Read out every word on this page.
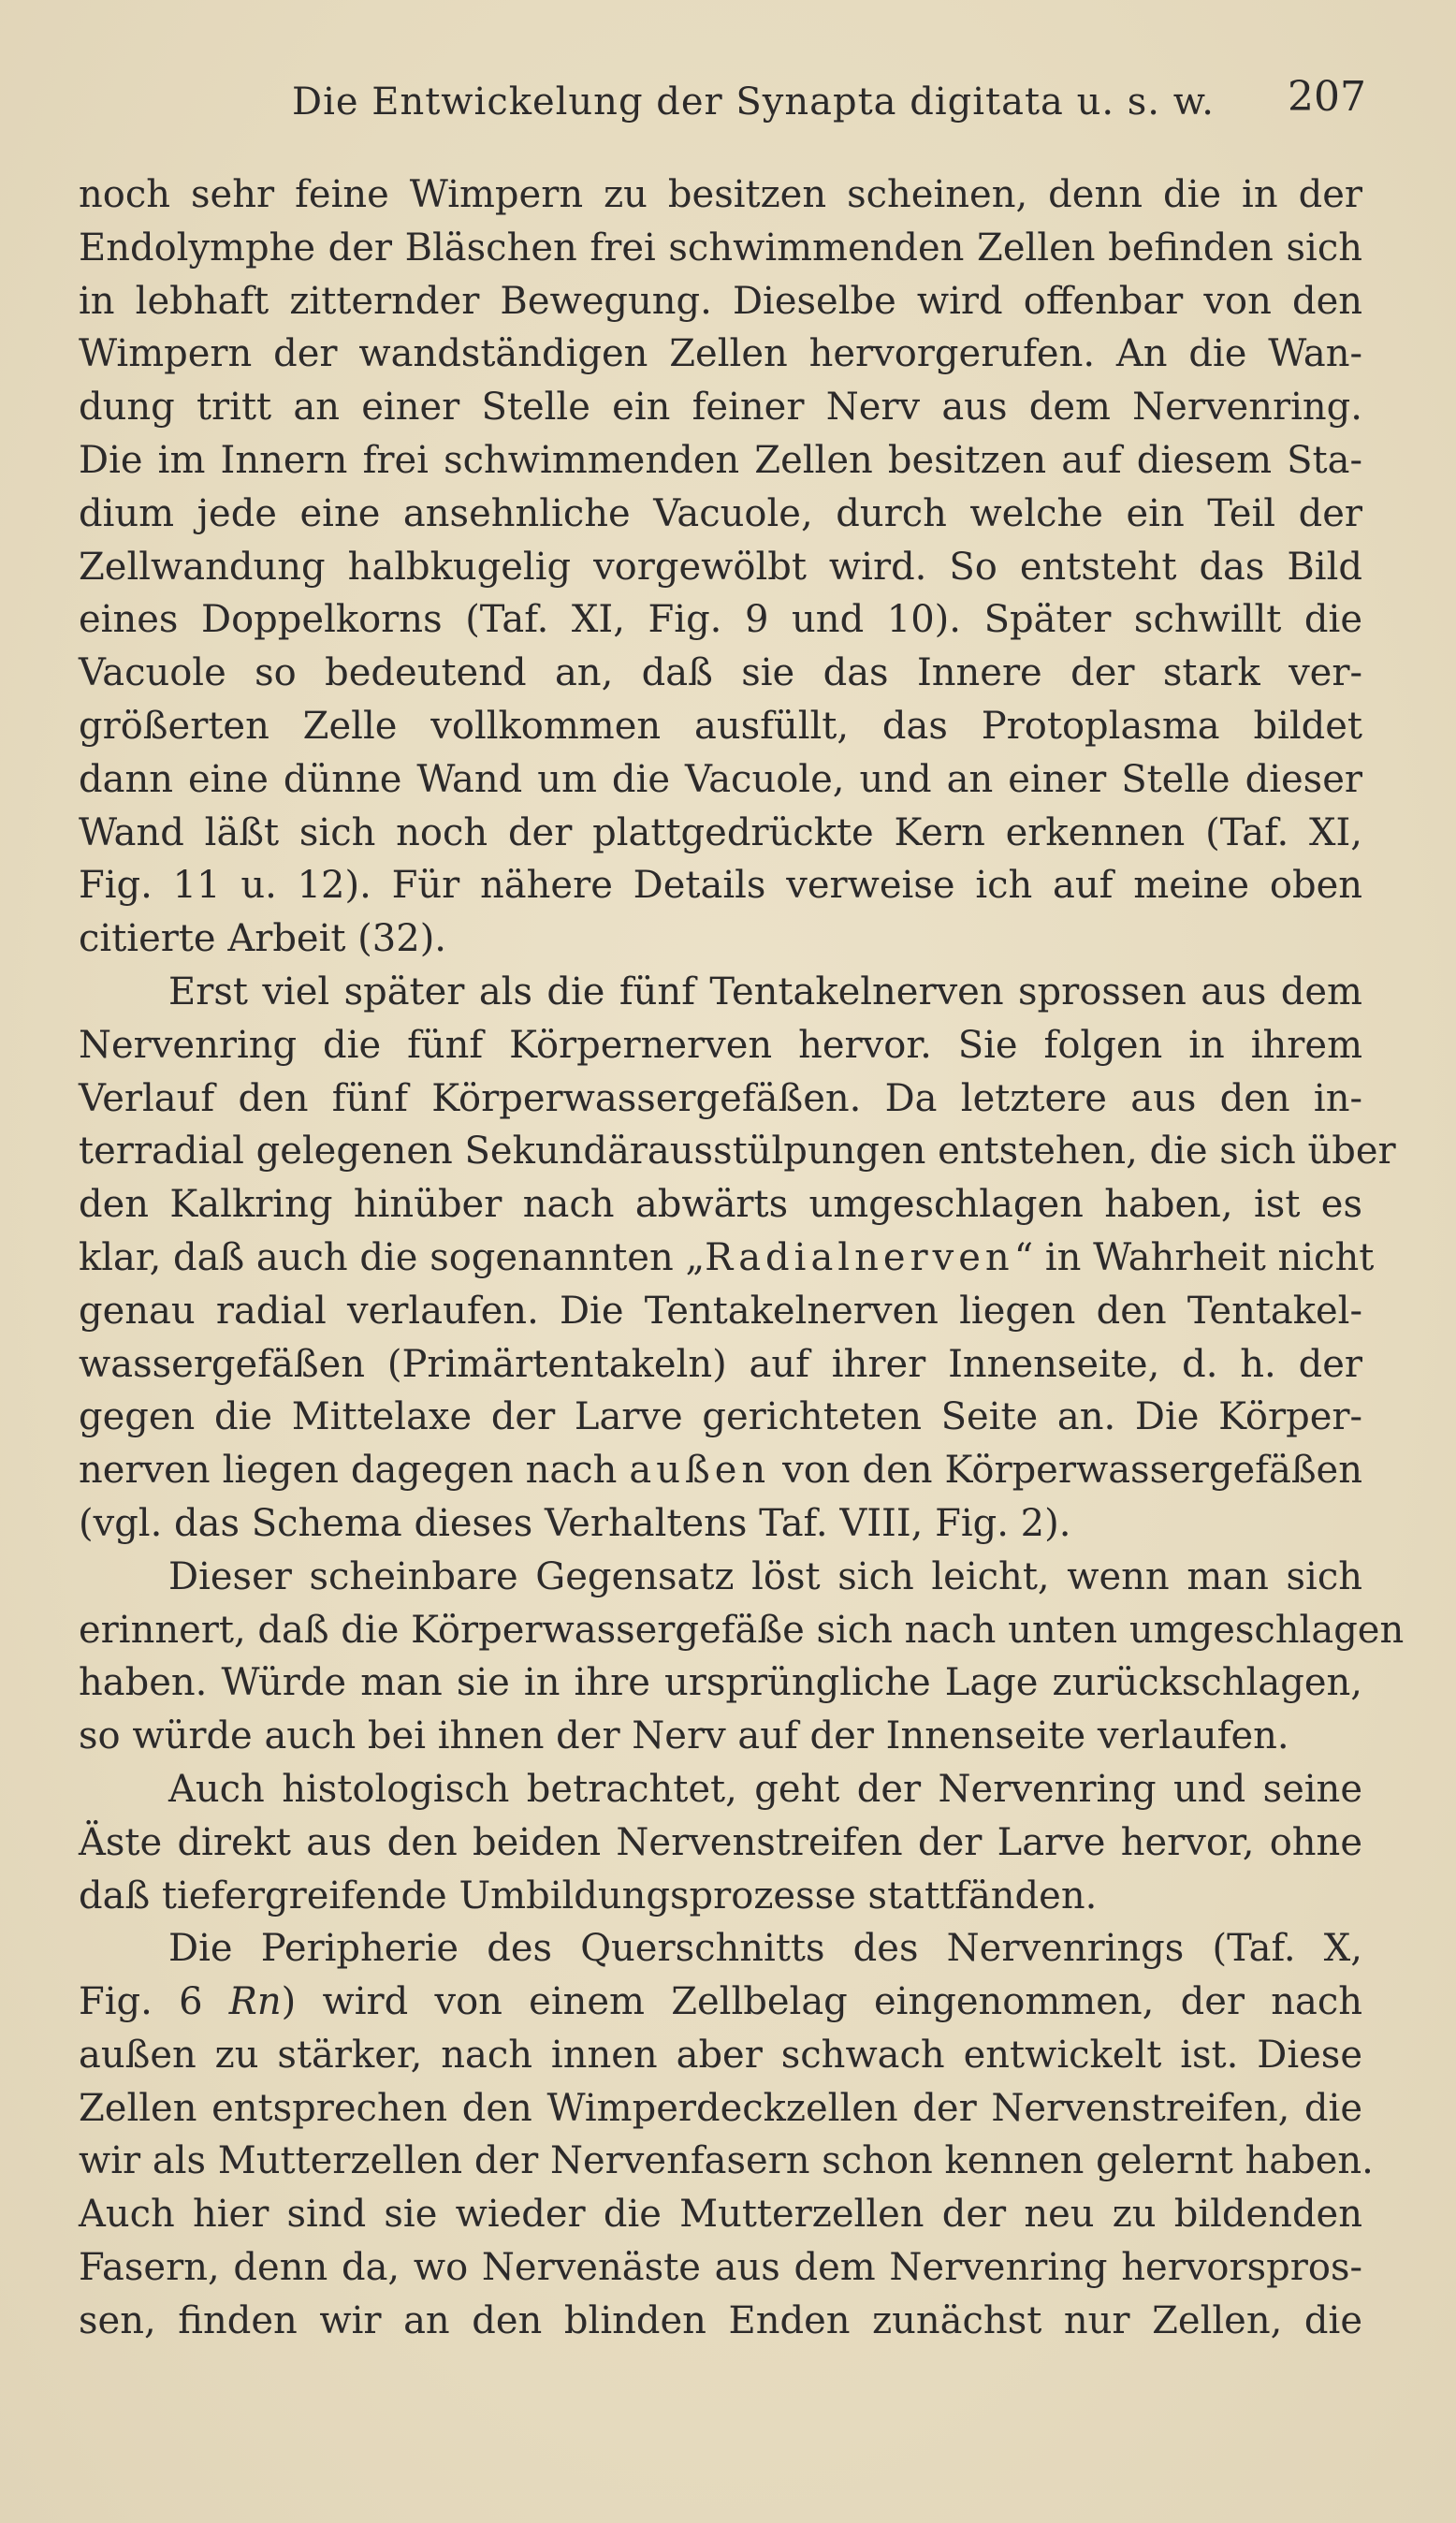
Die Entwickelung der Synapta digitata u. s. w. 207
noch sehr feine Wimpern zu besitzen scheinen, denn die in der
Endolymphe der Bläschen frei schwimmenden Zellen befinden sich
in lebhaft zitternder Bewegung. Dieselbe wird offenbar von den
Wimpern der wandständigen Zellen hervorgerufen. An die Wan-
dung tritt an einer Stelle ein feiner Nerv aus dem Nervenring.
Die im Innern frei schwimmenden Zellen besitzen auf diesem Sta-
dium jede eine ansehnliche Vacuole, durch welche ein Teil der
Zellwandung halbkugelig vorgewölbt wird. So entsteht das Bild
eines Doppelkorns (Taf. XI, Fig. 9 und 10). Später schwillt die
Vacuole so bedeutend an, daß sie das Innere der stark ver-
größerten Zelle vollkommen ausfüllt, das Protoplasma bildet
dann eine dünne Wand um die Vacuole, und an einer Stelle dieser
Wand läßt sich noch der plattgedrückte Kern erkennen (Taf. XI,
Fig. 11 u. 12). Für nähere Details verweise ich auf meine oben
citierte Arbeit (32).
Erst viel später als die fünf Tentakelnerven sprossen aus dem
Nervenring die fünf Körpernerven hervor. Sie folgen in ihrem
Verlauf den fünf Körperwassergefäßen. Da letztere aus den in-
terradial gelegenen Sekundärausstülpungen entstehen, die sich über
den Kalkring hinüber nach abwärts umgeschlagen haben, ist es
klar, daß auch die sogenannten „Radialnerven“ in Wahrheit nicht
genau radial verlaufen. Die Tentakelnerven liegen den Tentakel-
wassergefäßen (Primärtentakeln) auf ihrer Innenseite, d. h. der
gegen die Mittelaxe der Larve gerichteten Seite an. Die Körper-
nerven liegen dagegen nach außen von den Körperwassergefäßen
(vgl. das Schema dieses Verhaltens Taf. VIII, Fig. 2).
Dieser scheinbare Gegensatz löst sich leicht, wenn man sich
erinnert, daß die Körperwassergefäße sich nach unten umgeschlagen
haben. Würde man sie in ihre ursprüngliche Lage zurückschlagen,
so würde auch bei ihnen der Nerv auf der Innenseite verlaufen.
Auch histologisch betrachtet, geht der Nervenring und seine
Äste direkt aus den beiden Nervenstreifen der Larve hervor, ohne
daß tiefergreifende Umbildungsprozesse stattfänden.
Die Peripherie des Querschnitts des Nervenrings (Taf. X,
Fig. 6 Rn) wird von einem Zellbelag eingenommen, der nach
außen zu stärker, nach innen aber schwach entwickelt ist. Diese
Zellen entsprechen den Wimperdeckzellen der Nervenstreifen, die
wir als Mutterzellen der Nervenfasern schon kennen gelernt haben.
Auch hier sind sie wieder die Mutterzellen der neu zu bildenden
Fasern, denn da, wo Nervenäste aus dem Nervenring hervorspros-
sen, finden wir an den blinden Enden zunächst nur Zellen, die
